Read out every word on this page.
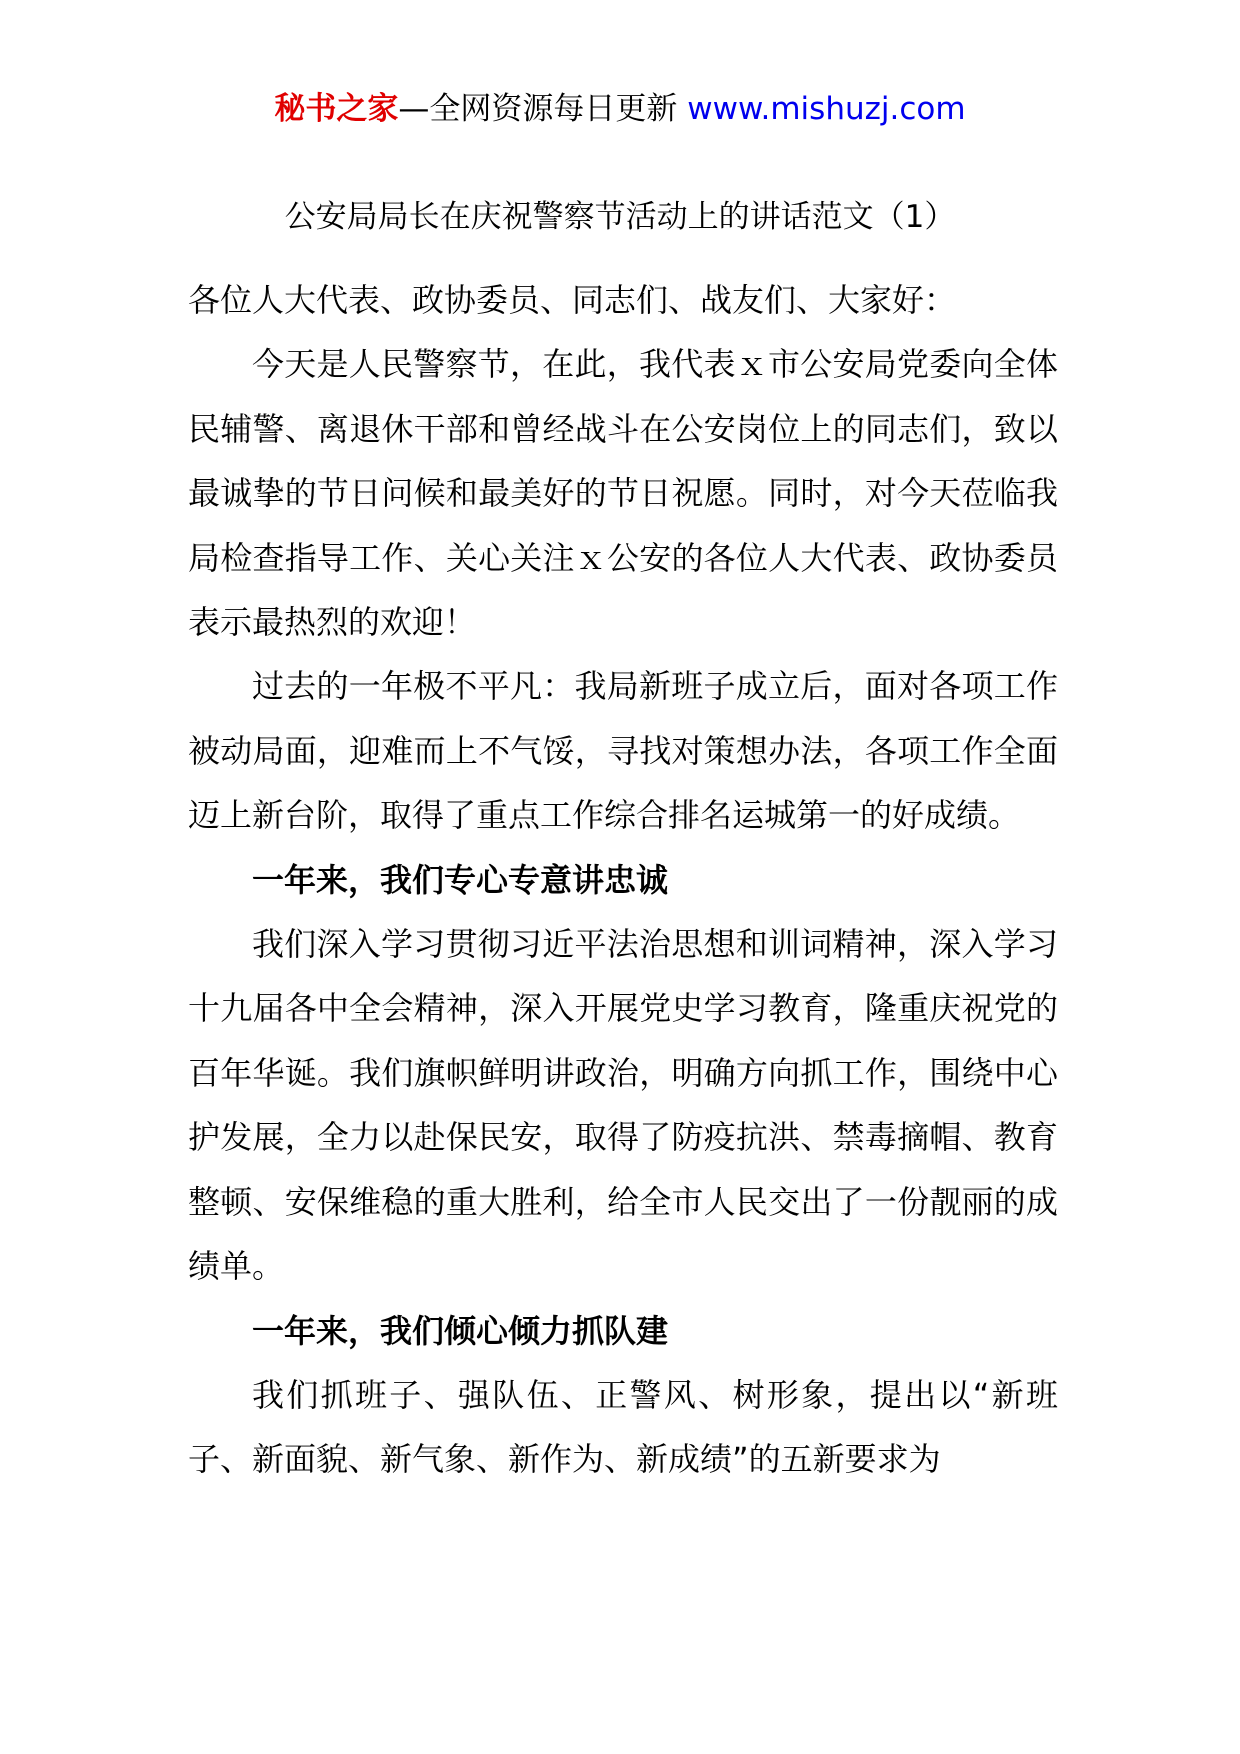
秘书之家—全网资源每日更新 www.mishuzj.com
公安局局长在庆祝警察节活动上的讲话范文（1）

各位人大代表、政协委员、同志们、战友们、大家好：

今天是人民警察节，在此，我代表ｘ市公安局党委向全体民辅警、离退休干部和曾经战斗在公安岗位上的同志们，致以最诚挚的节日问候和最美好的节日祝愿。同时，对今天莅临我局检查指导工作、关心关注ｘ公安的各位人大代表、政协委员表示最热烈的欢迎！

过去的一年极不平凡：我局新班子成立后，面对各项工作被动局面，迎难而上不气馁，寻找对策想办法，各项工作全面迈上新台阶，取得了重点工作综合排名运城第一的好成绩。

一年来，我们专心专意讲忠诚

我们深入学习贯彻习近平法治思想和训词精神，深入学习十九届各中全会精神，深入开展党史学习教育，隆重庆祝党的百年华诞。我们旗帜鲜明讲政治，明确方向抓工作，围绕中心护发展，全力以赴保民安，取得了防疫抗洪、禁毒摘帽、教育整顿、安保维稳的重大胜利，给全市人民交出了一份靓丽的成绩单。

一年来，我们倾心倾力抓队建

我们抓班子、强队伍、正警风、树形象，提出以“新班子、新面貌、新气象、新作为、新成绩”的五新要求为
